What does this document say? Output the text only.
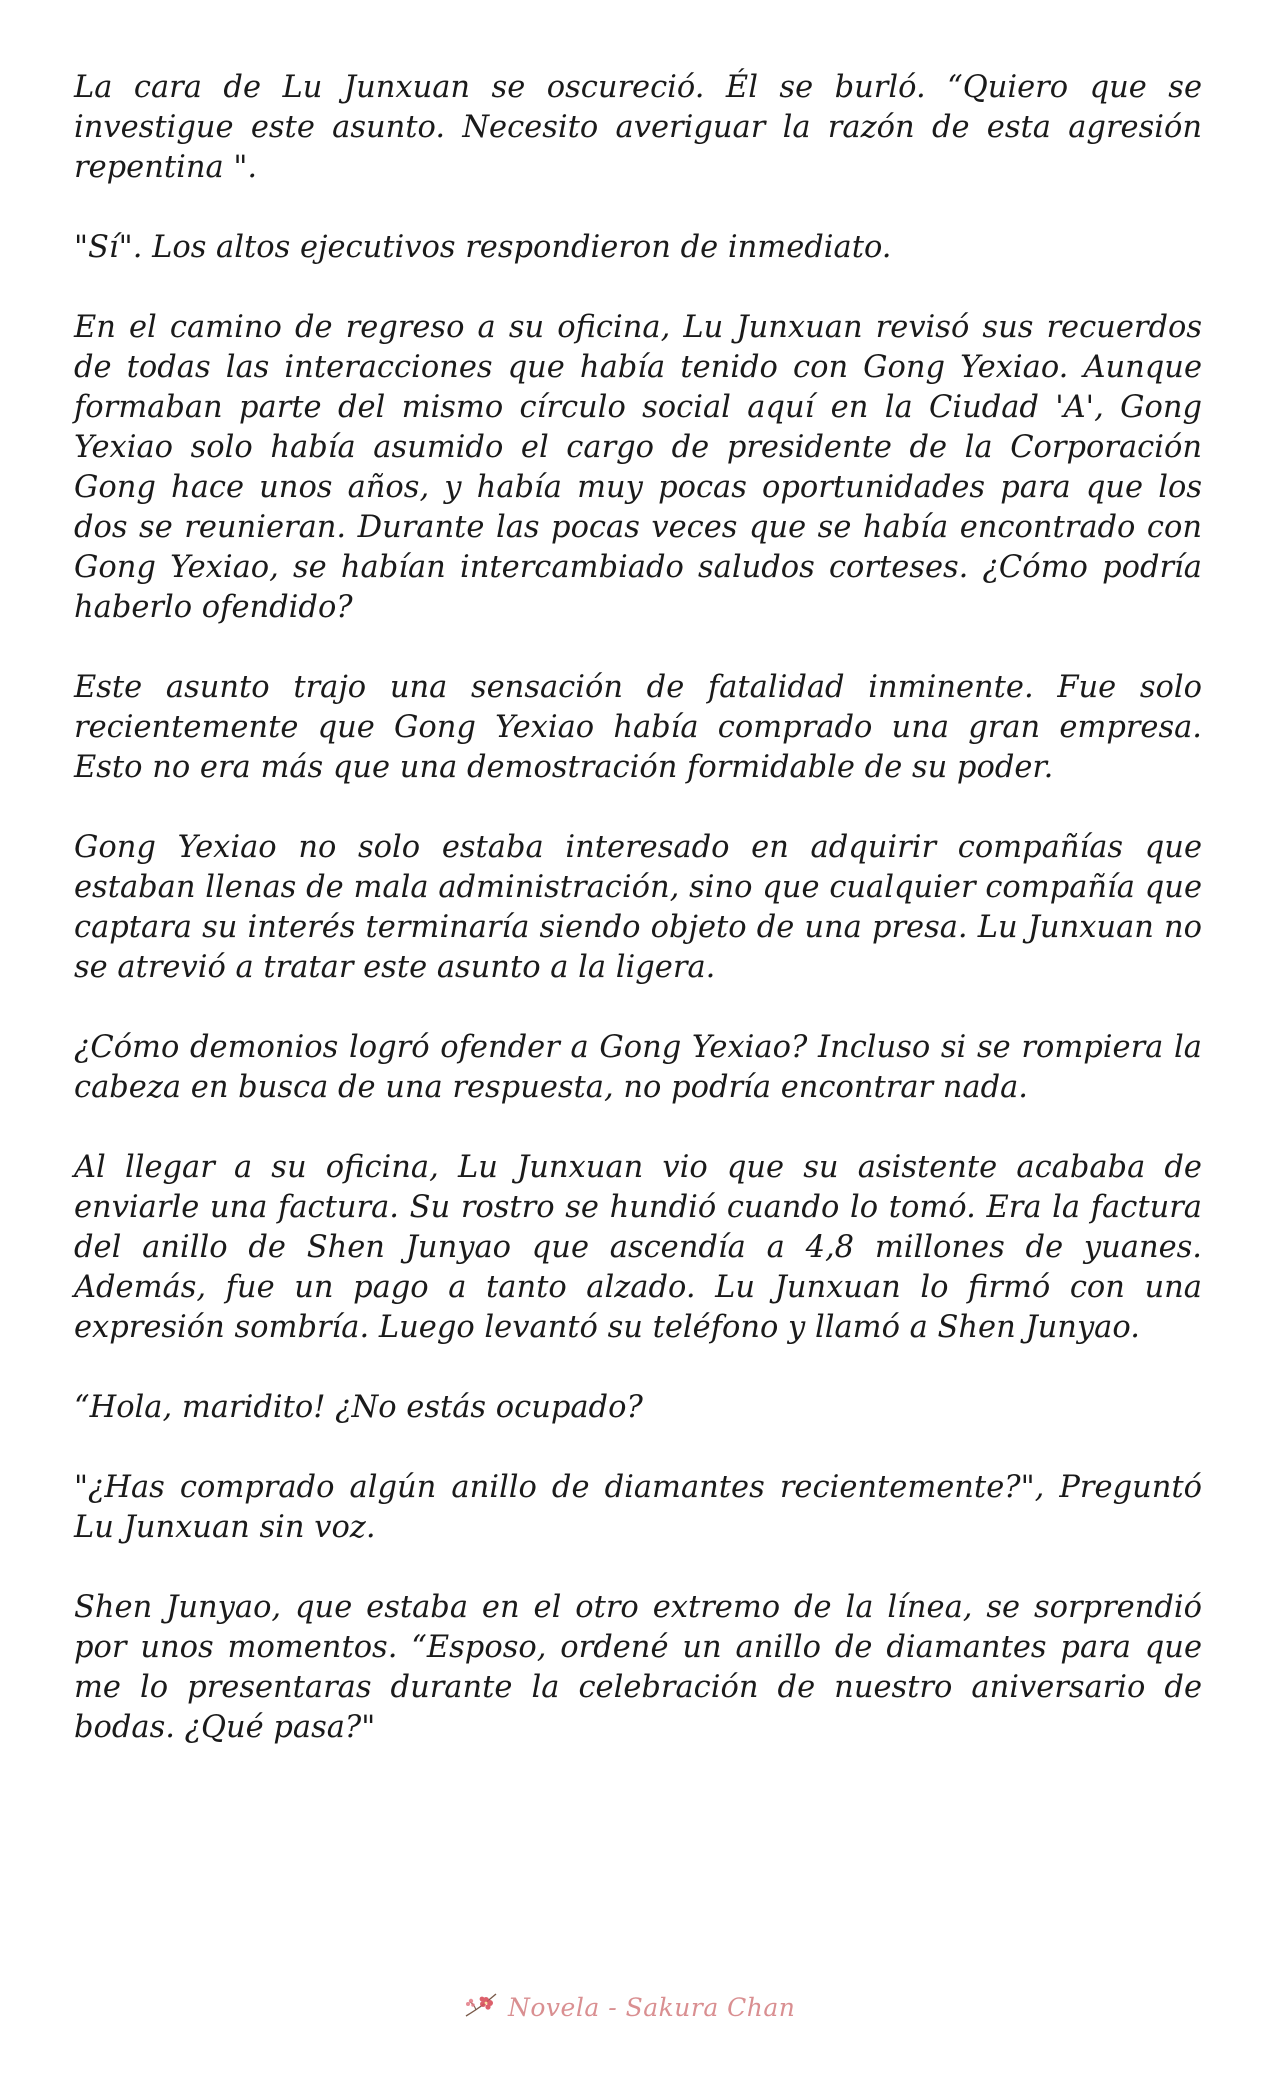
La cara de Lu Junxuan se oscureció. Él se burló. “Quiero que se investigue este asunto. Necesito averiguar la razón de esta agresión repentina ".

"Sí". Los altos ejecutivos respondieron de inmediato.

En el camino de regreso a su oficina, Lu Junxuan revisó sus recuerdos de todas las interacciones que había tenido con Gong Yexiao. Aunque formaban parte del mismo círculo social aquí en la Ciudad 'A', Gong Yexiao solo había asumido el cargo de presidente de la Corporación Gong hace unos años, y había muy pocas oportunidades para que los dos se reunieran. Durante las pocas veces que se había encontrado con Gong Yexiao, se habían intercambiado saludos corteses. ¿Cómo podría haberlo ofendido?

Este asunto trajo una sensación de fatalidad inminente. Fue solo recientemente que Gong Yexiao había comprado una gran empresa. Esto no era más que una demostración formidable de su poder.

Gong Yexiao no solo estaba interesado en adquirir compañías que estaban llenas de mala administración, sino que cualquier compañía que captara su interés terminaría siendo objeto de una presa. Lu Junxuan no se atrevió a tratar este asunto a la ligera.

¿Cómo demonios logró ofender a Gong Yexiao? Incluso si se rompiera la cabeza en busca de una respuesta, no podría encontrar nada.

Al llegar a su oficina, Lu Junxuan vio que su asistente acababa de enviarle una factura. Su rostro se hundió cuando lo tomó. Era la factura del anillo de Shen Junyao que ascendía a 4,8 millones de yuanes. Además, fue un pago a tanto alzado. Lu Junxuan lo firmó con una expresión sombría. Luego levantó su teléfono y llamó a Shen Junyao.

“Hola, maridito! ¿No estás ocupado?

"¿Has comprado algún anillo de diamantes recientemente?", Preguntó Lu Junxuan sin voz.

Shen Junyao, que estaba en el otro extremo de la línea, se sorprendió por unos momentos. “Esposo, ordené un anillo de diamantes para que me lo presentaras durante la celebración de nuestro aniversario de bodas. ¿Qué pasa?"

Novela - Sakura Chan
